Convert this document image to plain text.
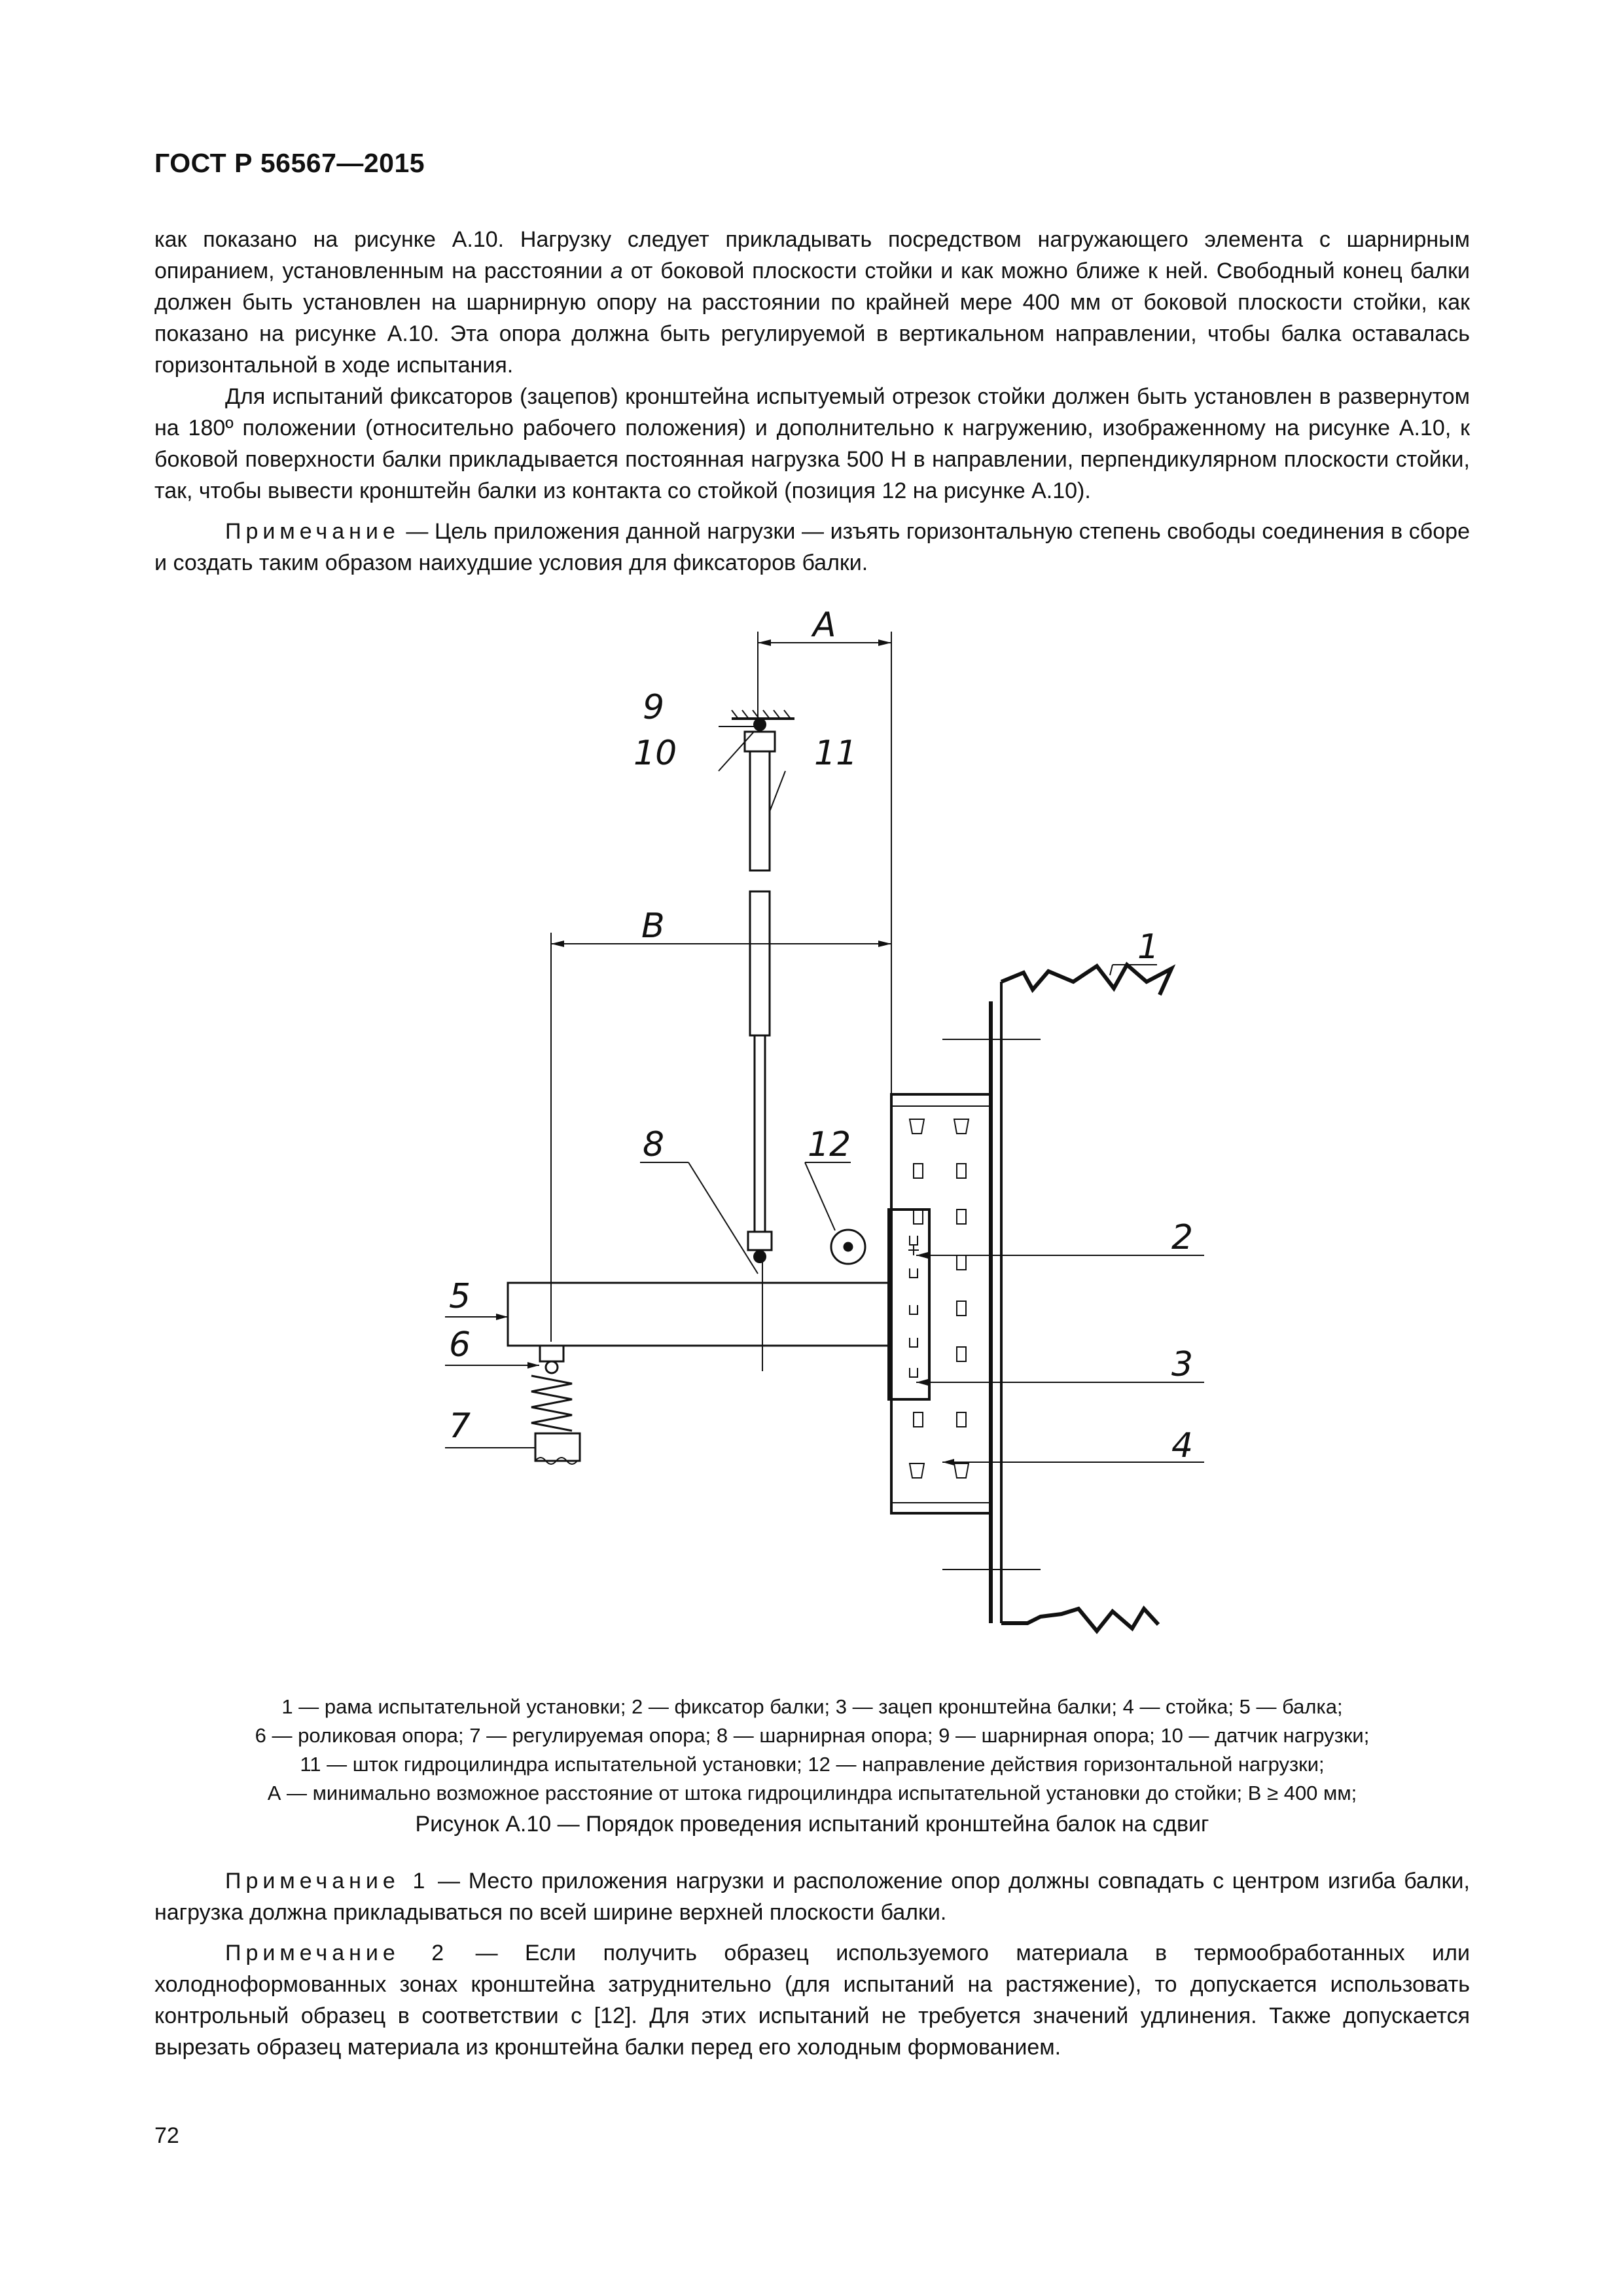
ГОСТ Р 56567—2015

как показано на рисунке А.10. Нагрузку следует прикладывать посредством нагружающего элемента с шарнирным опиранием, установленным на расстоянии а от боковой плоскости стойки и как можно ближе к ней. Свободный конец балки должен быть установлен на шарнирную опору на расстоянии по крайней мере 400 мм от боковой плоскости стойки, как показано на рисунке А.10. Эта опора должна быть регулируемой в вертикальном направлении, чтобы балка оставалась горизонтальной в ходе испытания.

Для испытаний фиксаторов (зацепов) кронштейна испытуемый отрезок стойки должен быть установлен в развернутом на 180º положении (относительно рабочего положения) и дополнительно к нагружению, изображенному на рисунке А.10, к боковой поверхности балки прикладывается постоянная нагрузка 500 Н в направлении, перпендикулярном плоскости стойки, так, чтобы вывести кронштейн балки из контакта со стойкой (позиция 12 на рисунке А.10).

Примечание — Цель приложения данной нагрузки — изъять горизонтальную степень свободы соединения в сборе и создать таким образом наихудшие условия для фиксаторов балки.

A
B
1
2
3
4
5
6
7
8
9
10	11
12
1 — рама испытательной установки; 2 — фиксатор балки; 3 — зацеп кронштейна балки; 4 — стойка; 5 — балка;
6 — роликовая опора; 7 — регулируемая опора; 8 — шарнирная опора; 9 — шарнирная опора; 10 — датчик нагрузки;
11 — шток гидроцилиндра испытательной установки; 12 — направление действия горизонтальной нагрузки;
А — минимально возможное расстояние от штока гидроцилиндра испытательной установки до стойки; В ≥ 400 мм;
Рисунок А.10 — Порядок проведения испытаний кронштейна балок на сдвиг

Примечание 1 — Место приложения нагрузки и расположение опор должны совпадать с центром изгиба балки, нагрузка должна прикладываться по всей ширине верхней плоскости балки.

Примечание 2 — Если получить образец используемого материала в термообработанных или холоднoформованных зонах кронштейна затруднительно (для испытаний на растяжение), то допускается использовать контрольный образец в соответствии с [12]. Для этих испытаний не требуется значений удлинения. Также допускается вырезать образец материала из кронштейна балки перед его холодным формованием.

72
